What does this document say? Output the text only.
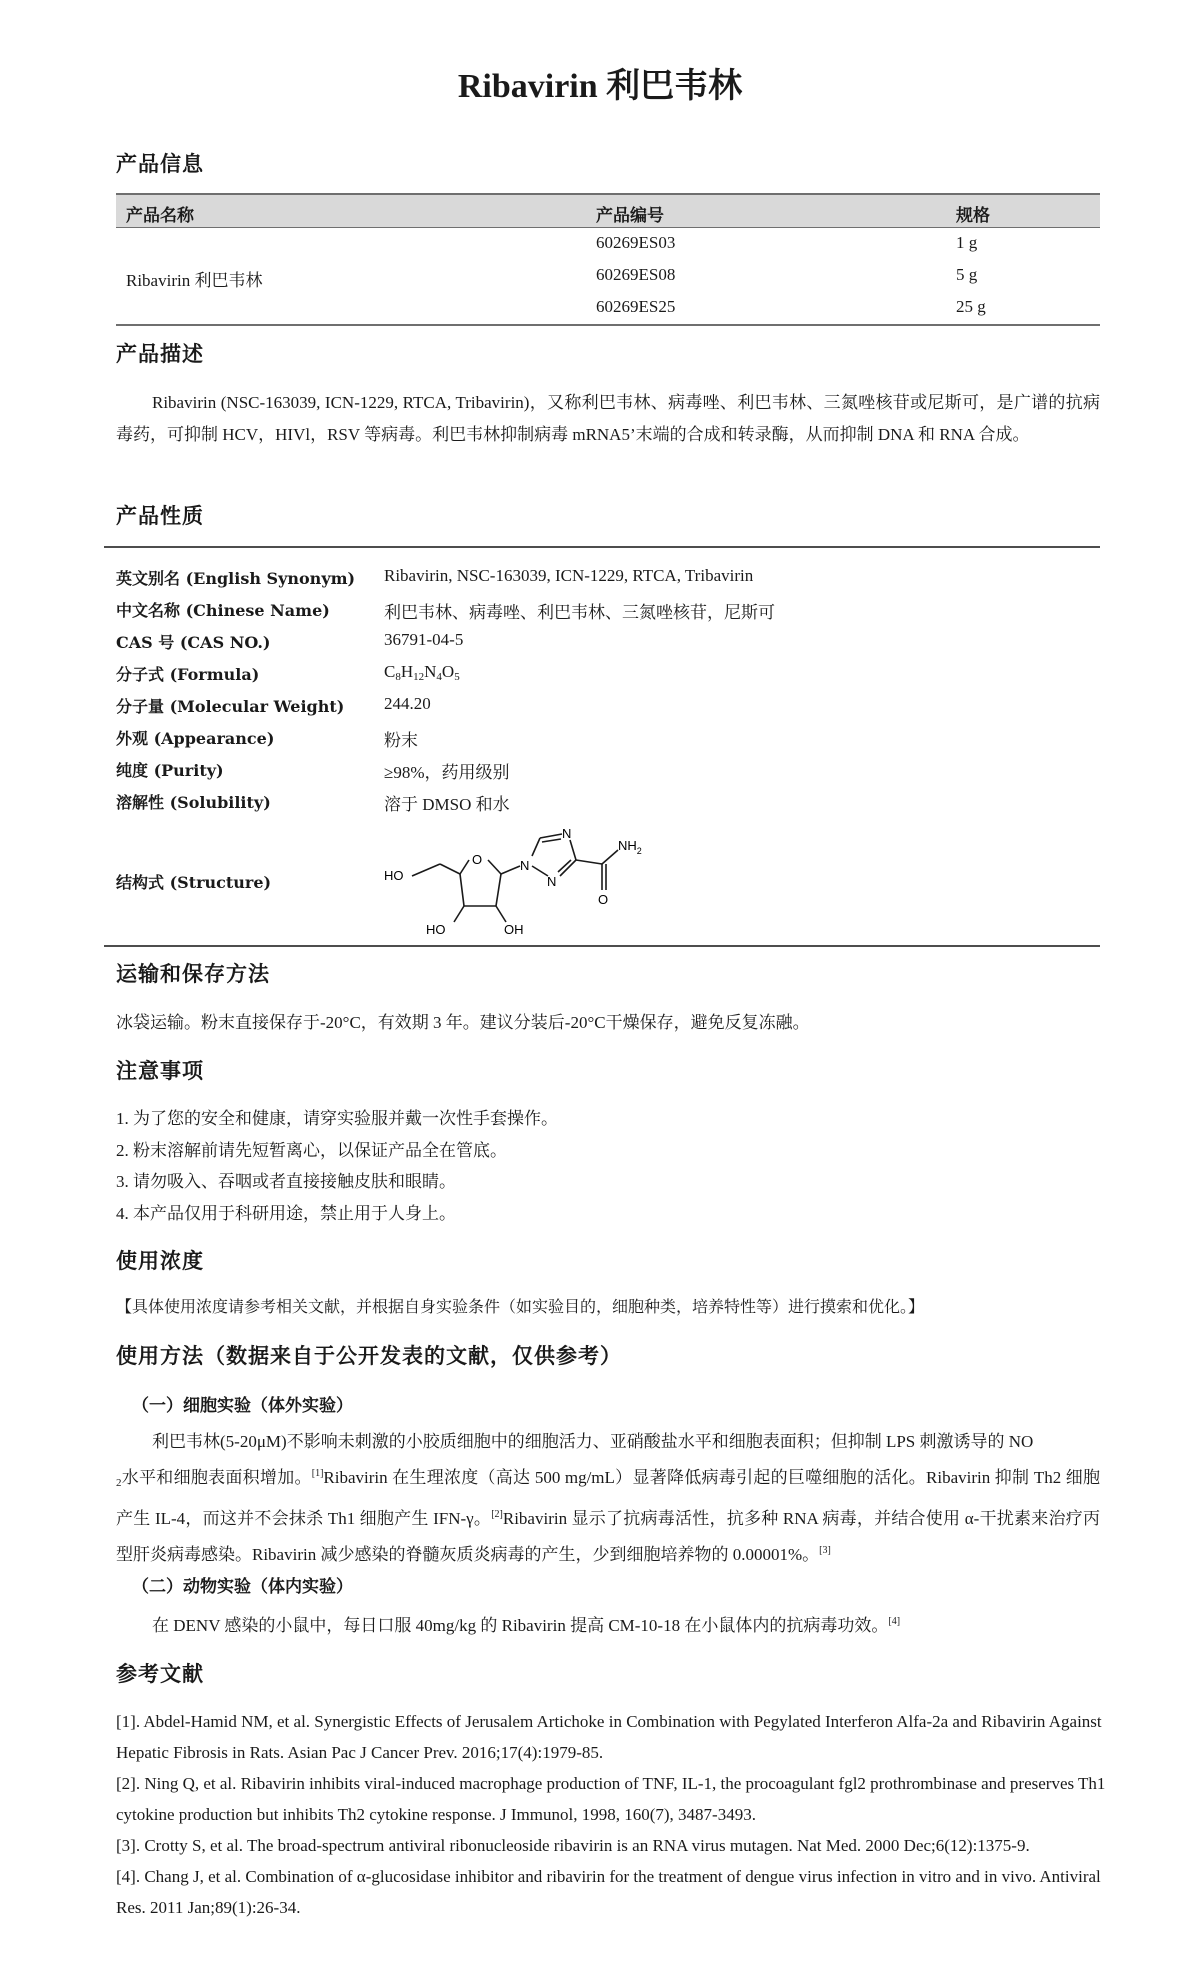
Ribavirin 利巴韦林
产品信息
产品名称	产品编号	规格
Ribavirin 利巴韦林
60269ES03	1 g
60269ES08	5 g
60269ES25	25 g
产品描述
Ribavirin (NSC-163039, ICN-1229, RTCA, Tribavirin)，又称利巴韦林、病毒唑、利巴韦林、三氮唑核苷或尼斯可，是广谱的抗病毒药，可抑制 HCV，HIVl，RSV 等病毒。利巴韦林抑制病毒 mRNA5’末端的合成和转录酶，从而抑制 DNA 和 RNA 合成。
产品性质
英文别名 (English Synonym) Ribavirin, NSC-163039, ICN-1229, RTCA, Tribavirin
中文名称 (Chinese Name)	利巴韦林、病毒唑、利巴韦林、三氮唑核苷，尼斯可
CAS 号 (CAS NO.)	36791-04-5
分子式 (Formula)	$C_8H_{12}N_4O_5$
分子量 (Molecular Weight) 244.20
外观 (Appearance)	粉末
纯度 (Purity)	≥98%，药用级别
溶解性 (Solubility)	溶于 DMSO 和水
结构式 (Structure)	HO
O	N
N
N
$NH_2$
O
HO	OH
运输和保存方法
冰袋运输。粉末直接保存于-20°C，有效期 3 年。建议分装后-20°C干燥保存，避免反复冻融。
注意事项
1. 为了您的安全和健康，请穿实验服并戴一次性手套操作。
2. 粉末溶解前请先短暂离心，以保证产品全在管底。
3. 请勿吸入、吞咽或者直接接触皮肤和眼睛。
4. 本产品仅用于科研用途，禁止用于人身上。
使用浓度
【具体使用浓度请参考相关文献，并根据自身实验条件（如实验目的，细胞种类，培养特性等）进行摸索和优化。】
使用方法（数据来自于公开发表的文献，仅供参考）
（一）细胞实验（体外实验）
利巴韦林(5-20μM)不影响未刺激的小胶质细胞中的细胞活力、亚硝酸盐水平和细胞表面积；但抑制 LPS 刺激诱导的 NO
$_2$水平和细胞表面积增加。[1]Ribavirin 在生理浓度（高达 500 mg/mL）显著降低病毒引起的巨噬细胞的活化。Ribavirin 抑制 Th2 细胞产生 IL-4，而这并不会抹杀 Th1 细胞产生 IFN-γ。[2]Ribavirin 显示了抗病毒活性，抗多种 RNA 病毒，并结合使用 α-干扰素来治疗丙型肝炎病毒感染。Ribavirin 减少感染的脊髓灰质炎病毒的产生，少到细胞培养物的 0.00001%。[3]
（二）动物实验（体内实验）
在 DENV 感染的小鼠中，每日口服 40mg/kg 的 Ribavirin 提高 CM-10-18 在小鼠体内的抗病毒功效。[4]
参考文献
[1]. Abdel-Hamid NM, et al. Synergistic Effects of Jerusalem Artichoke in Combination with Pegylated Interferon Alfa-2a and Ribavirin Against Hepatic Fibrosis in Rats. Asian Pac J Cancer Prev. 2016;17(4):1979-85.
[2]. Ning Q, et al. Ribavirin inhibits viral-induced macrophage production of TNF, IL-1, the procoagulant fgl2 prothrombinase and preserves Th1 cytokine production but inhibits Th2 cytokine response. J Immunol, 1998, 160(7), 3487-3493.
[3]. Crotty S, et al. The broad-spectrum antiviral ribonucleoside ribavirin is an RNA virus mutagen. Nat Med. 2000 Dec;6(12):1375-9.
[4]. Chang J, et al. Combination of α-glucosidase inhibitor and ribavirin for the treatment of dengue virus infection in vitro and in vivo. Antiviral Res. 2011 Jan;89(1):26-34.
